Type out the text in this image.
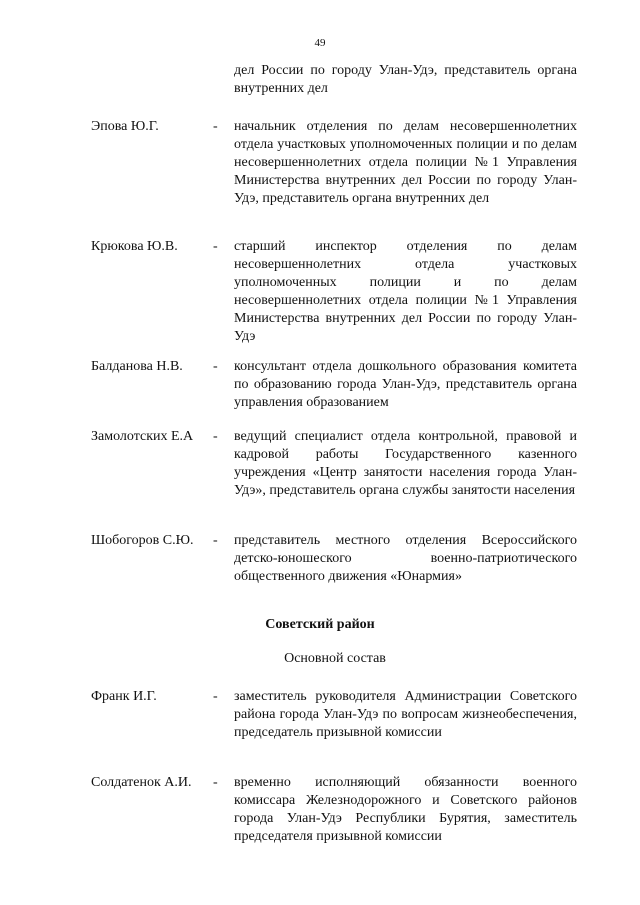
49
дел России по городу Улан-Удэ, представитель органа внутренних дел
Эпова Ю.Г.	- начальник отделения по делам несовершеннолетних отдела участковых уполномоченных полиции и по делам несовершеннолетних отдела полиции №1 Управления Министерства внутренних дел России по городу Улан-Удэ, представитель органа внутренних дел
Крюкова Ю.В.	- старший инспектор отделения по делам несовершеннолетних отдела участковых уполномоченных полиции и по делам несовершеннолетних отдела полиции №1 Управления Министерства внутренних дел России по городу Улан-Удэ
Балданова Н.В. - консультант отдела дошкольного образования комитета по образованию города Улан-Удэ, представитель органа управления образованием
Замолотских Е.А - ведущий специалист отдела контрольной, правовой и кадровой работы Государственного казенного учреждения «Центр занятости населения города Улан-Удэ», представитель органа службы занятости населения
Шобогоров С.Ю. - представитель местного отделения Всероссийского детско-юношеского военно-патриотического общественного движения «Юнармия»
Советский район
Основной состав
Франк И.Г.	- заместитель руководителя Администрации Советского района города Улан-Удэ по вопросам жизнеобеспечения, председатель призывной комиссии
Солдатенок А.И. - временно исполняющий обязанности военного комиссара Железнодорожного и Советского районов города Улан-Удэ Республики Бурятия, заместитель председателя призывной комиссии
